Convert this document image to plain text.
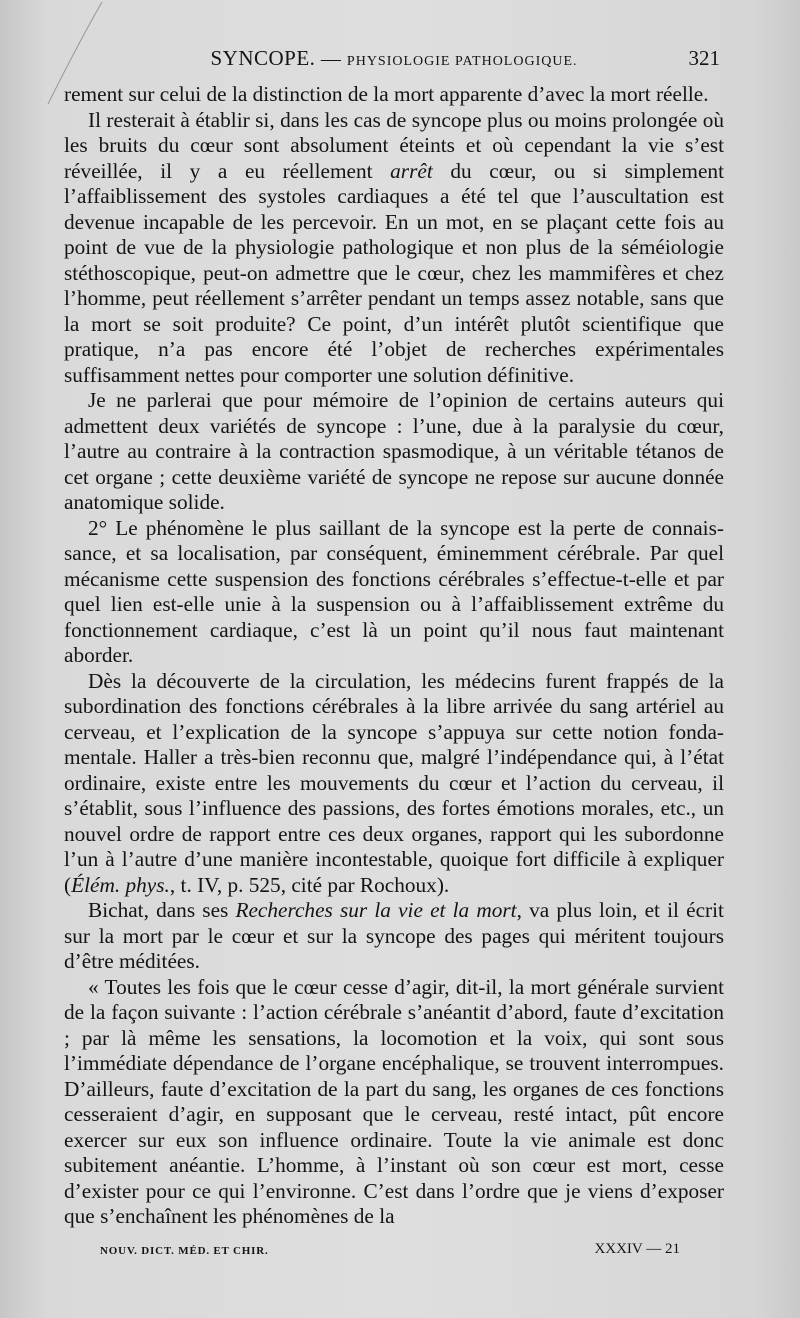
SYNCOPE. — PHYSIOLOGIE PATHOLOGIQUE.	321

rement sur celui de la distinction de la mort apparente d’avec la mort réelle.

Il resterait à établir si, dans les cas de syncope plus ou moins prolongée où les bruits du cœur sont absolument éteints et où cependant la vie s’est réveillée, il y a eu réellement arrêt du cœur, ou si simplement l’affaiblissement des systoles cardiaques a été tel que l’auscultation est devenue incapable de les percevoir. En un mot, en se plaçant cette fois au point de vue de la physiologie pathologique et non plus de la séméiologie stéthoscopique, peut-on admettre que le cœur, chez les mammifères et chez l’homme, peut réellement s’arrêter pendant un temps assez notable, sans que la mort se soit produite? Ce point, d’un intérêt plutôt scientifique que pratique, n’a pas encore été l’objet de recherches expérimentales suffisamment nettes pour comporter une solution définitive.

Je ne parlerai que pour mémoire de l’opinion de certains auteurs qui admettent deux variétés de syncope : l’une, due à la paralysie du cœur, l’autre au contraire à la contraction spasmodique, à un véritable tétanos de cet organe ; cette deuxième variété de syncope ne repose sur aucune donnée anatomique solide.

2° Le phénomène le plus saillant de la syncope est la perte de connaissance, et sa localisation, par conséquent, éminemment cérébrale. Par quel mécanisme cette suspension des fonctions cérébrales s’effectue-t-elle et par quel lien est-elle unie à la suspension ou à l’affaiblissement extrême du fonctionnement cardiaque, c’est là un point qu’il nous faut maintenant aborder.

Dès la découverte de la circulation, les médecins furent frappés de la subordination des fonctions cérébrales à la libre arrivée du sang artériel au cerveau, et l’explication de la syncope s’appuya sur cette notion fondamentale. Haller a très-bien reconnu que, malgré l’indépendance qui, à l’état ordinaire, existe entre les mouvements du cœur et l’action du cerveau, il s’établit, sous l’influence des passions, des fortes émotions morales, etc., un nouvel ordre de rapport entre ces deux organes, rapport qui les subordonne l’un à l’autre d’une manière incontestable, quoique fort difficile à expliquer (Élém. phys., t. IV, p. 525, cité par Rochoux).

Bichat, dans ses Recherches sur la vie et la mort, va plus loin, et il écrit sur la mort par le cœur et sur la syncope des pages qui méritent toujours d’être méditées.

« Toutes les fois que le cœur cesse d’agir, dit-il, la mort générale survient de la façon suivante : l’action cérébrale s’anéantit d’abord, faute d’excitation ; par là même les sensations, la locomotion et la voix, qui sont sous l’immédiate dépendance de l’organe encéphalique, se trouvent interrompues. D’ailleurs, faute d’excitation de la part du sang, les organes de ces fonctions cesseraient d’agir, en supposant que le cerveau, resté intact, pût encore exercer sur eux son influence ordinaire. Toute la vie animale est donc subitement anéantie. L’homme, à l’instant où son cœur est mort, cesse d’exister pour ce qui l’environne. C’est dans l’ordre que je viens d’exposer que s’enchaînent les phénomènes de la

NOUV. DICT. MÉD. ET CHIR.	XXXIV — 21
